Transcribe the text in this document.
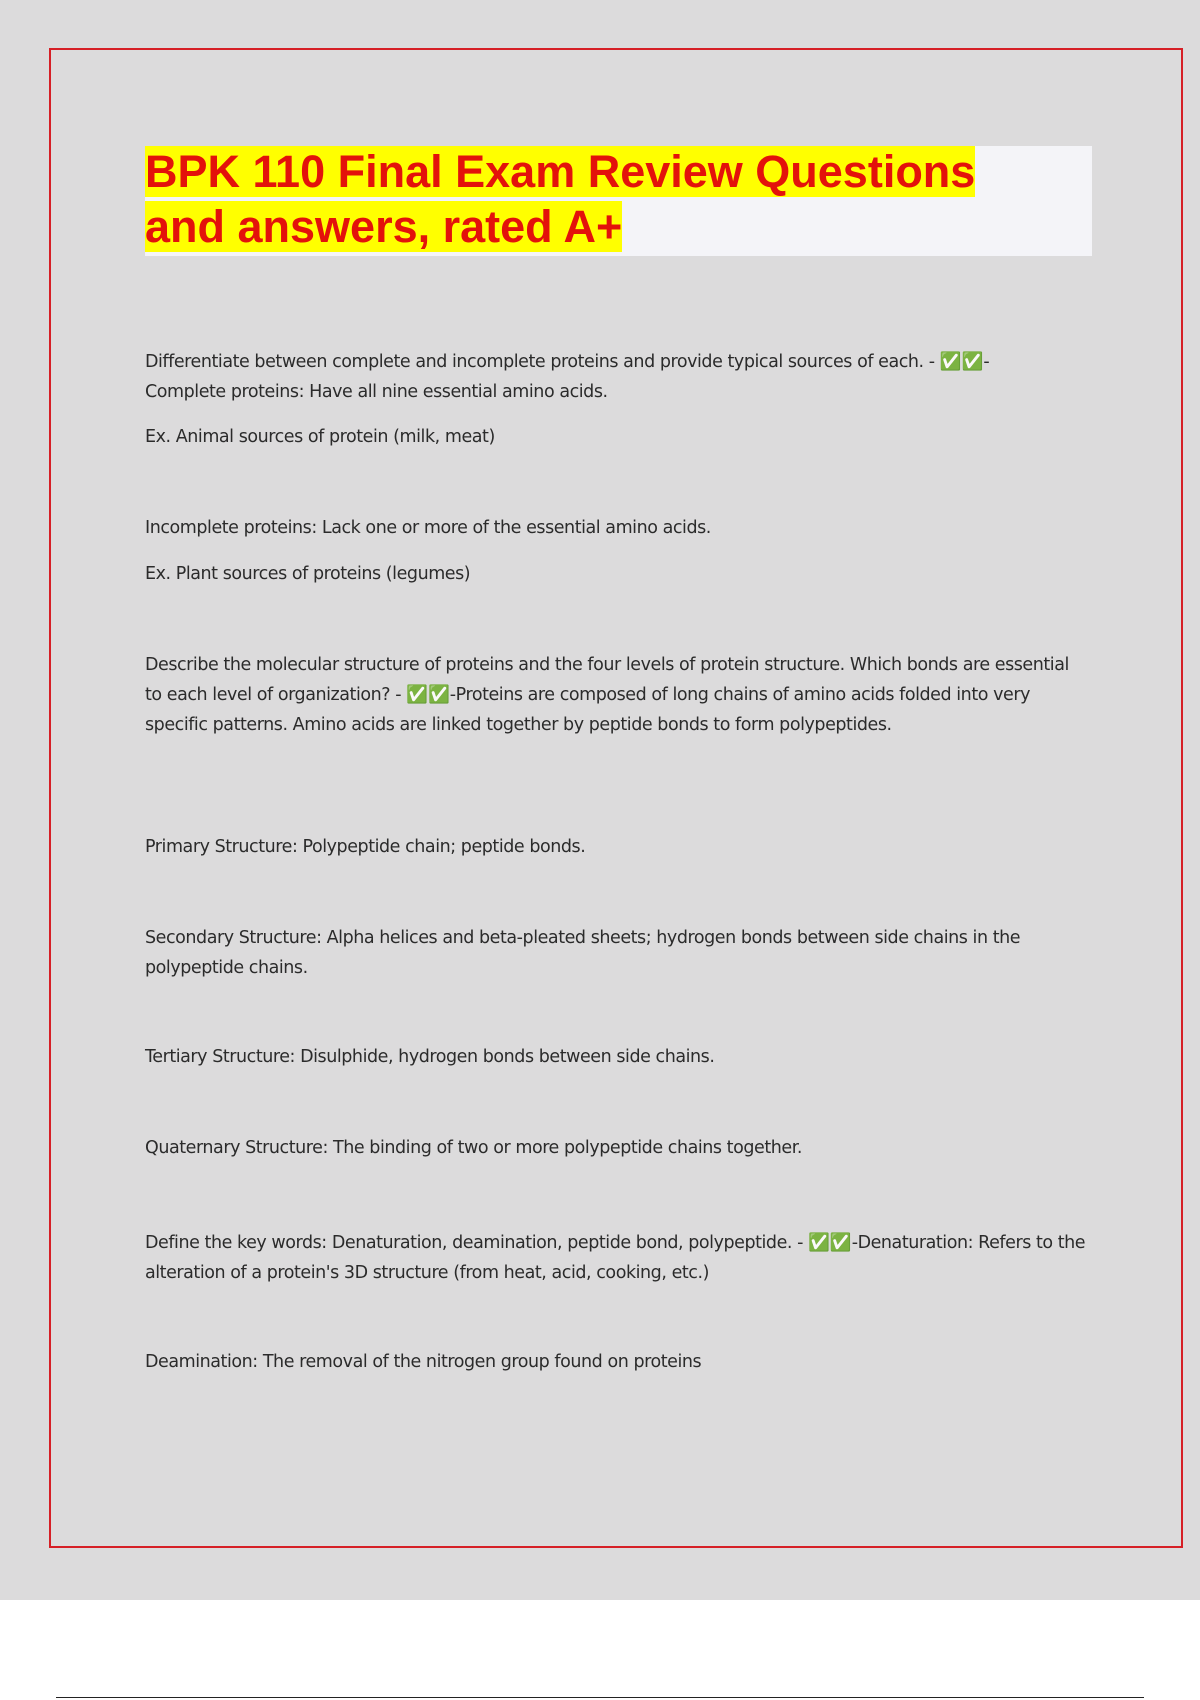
BPK 110 Final Exam Review Questions
and answers, rated A+

Differentiate between complete and incomplete proteins and provide typical sources of each. - ✅✅-

Complete proteins: Have all nine essential amino acids.

Ex. Animal sources of protein (milk, meat)

Incomplete proteins: Lack one or more of the essential amino acids.

Ex. Plant sources of proteins (legumes)

Describe the molecular structure of proteins and the four levels of protein structure. Which bonds are essential to each level of organization? - ✅✅-Proteins are composed of long chains of amino acids folded into very specific patterns. Amino acids are linked together by peptide bonds to form polypeptides.

Primary Structure: Polypeptide chain; peptide bonds.

Secondary Structure: Alpha helices and beta-pleated sheets; hydrogen bonds between side chains in the polypeptide chains.

Tertiary Structure: Disulphide, hydrogen bonds between side chains.

Quaternary Structure: The binding of two or more polypeptide chains together.

Define the key words: Denaturation, deamination, peptide bond, polypeptide. - ✅✅-Denaturation: Refers to the alteration of a protein's 3D structure (from heat, acid, cooking, etc.)

Deamination: The removal of the nitrogen group found on proteins
